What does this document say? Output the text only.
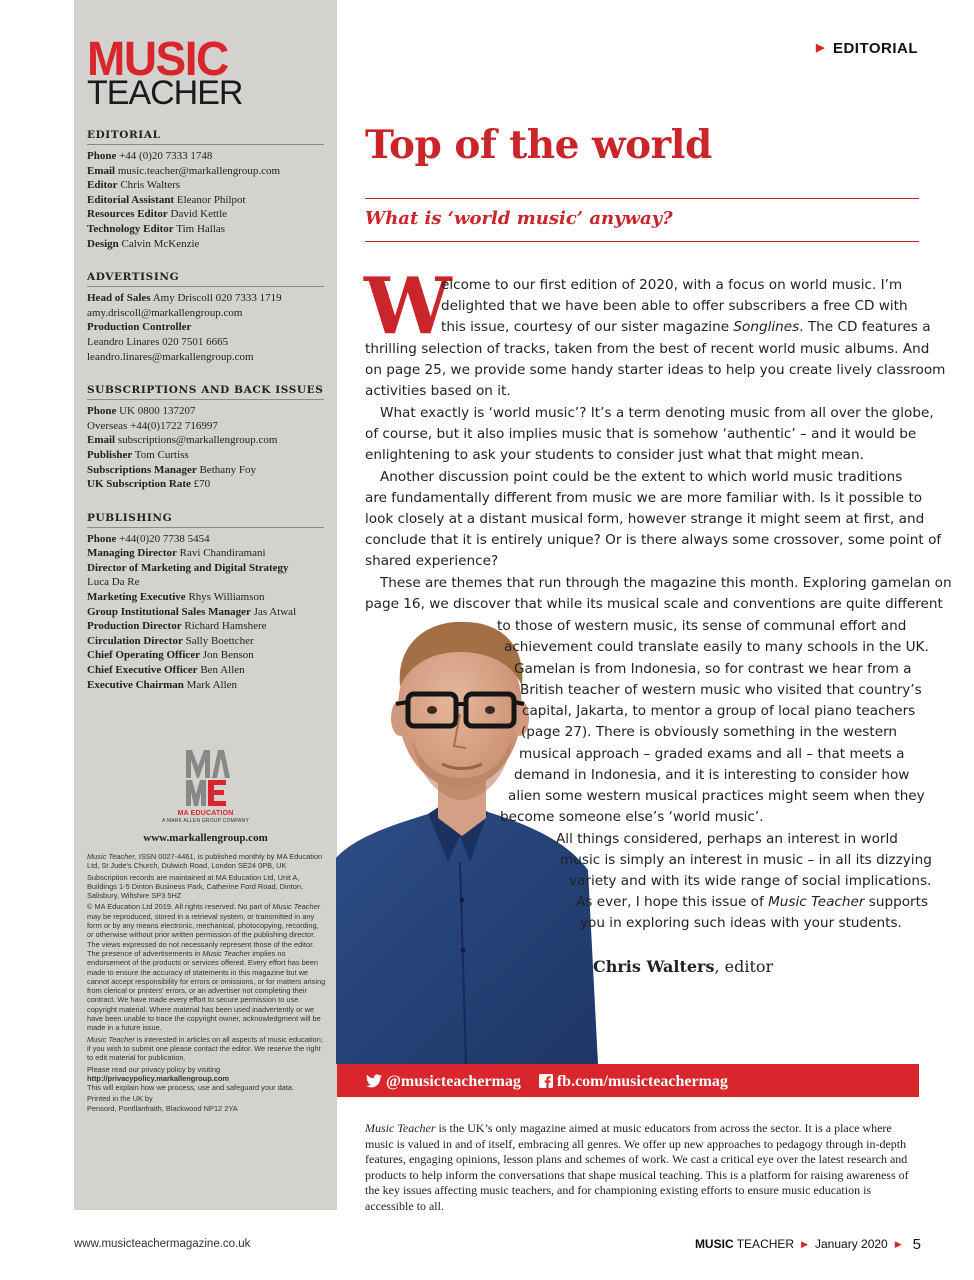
MUSIC
TEACHER
EDITORIAL
Phone +44 (0)20 7333 1748
Email music.teacher@markallengroup.com
Editor Chris Walters
Editorial Assistant Eleanor Philpot
Resources Editor David Kettle
Technology Editor Tim Hallas
Design Calvin McKenzie
ADVERTISING
Head of Sales Amy Driscoll 020 7333 1719
amy.driscoll@markallengroup.com
Production Controller
Leandro Linares 020 7501 6665
leandro.linares@markallengroup.com
SUBSCRIPTIONS AND BACK ISSUES
Phone UK 0800 137207
Overseas +44(0)1722 716997
Email subscriptions@markallengroup.com
Publisher Tom Curtiss
Subscriptions Manager Bethany Foy
UK Subscription Rate £70
PUBLISHING
Phone +44(0)20 7738 5454
Managing Director Ravi Chandiramani
Director of Marketing and Digital Strategy
Luca Da Re
Marketing Executive Rhys Williamson
Group Institutional Sales Manager Jas Atwal
Production Director Richard Hamshere
Circulation Director Sally Boettcher
Chief Operating Officer Jon Benson
Chief Executive Officer Ben Allen
Executive Chairman Mark Allen
MA EDUCATION
A MARK ALLEN GROUP COMPANY
www.markallengroup.com

Music Teacher, ISSN 0027-4461, is published monthly by MA Education Ltd, St Jude's Church, Dulwich Road, London SE24 0PB, UK

Subscription records are maintained at MA Education Ltd, Unit A, Buildings 1-5 Dinton Business Park, Catherine Ford Road, Dinton, Salisbury, Wiltshire SP3 5HZ

© MA Education Ltd 2019. All rights reserved. No part of Music Teacher may be reproduced, stored in a retrieval system, or transmitted in any form or by any means electronic, mechanical, photocopying, recording, or otherwise without prior written permission of the publishing director. The views expressed do not necessarily represent those of the editor. The presence of advertisements in Music Teacher implies no endorsement of the products or services offered. Every effort has been made to ensure the accuracy of statements in this magazine but we cannot accept responsibility for errors or omissions, or for matters arising from clerical or printers' errors, or an advertiser not completing their contract. We have made every effort to secure permission to use copyright material. Where material has been used inadvertently or we have been unable to trace the copyright owner, acknowledgment will be made in a future issue.

Music Teacher is interested in articles on all aspects of music education; if you wish to submit one please contact the editor. We reserve the right to edit material for publication.

Please read our privacy policy by visiting

http://privacypolicy.markallengroup.com

This will explain how we process, use and safeguard your data.

Printed in the UK by

Pensord, Pontllanfraith, Blackwood NP12 2YA

▶ EDITORIAL
Top of the world
What is ‘world music’ anyway?
W
elcome to our first edition of 2020, with a focus on world music. I’m
delighted that we have been able to offer subscribers a free CD with
this issue, courtesy of our sister magazine Songlines. The CD features a
thrilling selection of tracks, taken from the best of recent world music albums. And
on page 25, we provide some handy starter ideas to help you create lively classroom
activities based on it.
What exactly is ‘world music’? It’s a term denoting music from all over the globe,
of course, but it also implies music that is somehow ‘authentic’ – and it would be
enlightening to ask your students to consider just what that might mean.
Another discussion point could be the extent to which world music traditions
are fundamentally different from music we are more familiar with. Is it possible to
look closely at a distant musical form, however strange it might seem at first, and
conclude that it is entirely unique? Or is there always some crossover, some point of
shared experience?
These are themes that run through the magazine this month. Exploring gamelan on
page 16, we discover that while its musical scale and conventions are quite different
to those of western music, its sense of communal effort and
achievement could translate easily to many schools in the UK.
Gamelan is from Indonesia, so for contrast we hear from a
British teacher of western music who visited that country’s
capital, Jakarta, to mentor a group of local piano teachers
(page 27). There is obviously something in the western
musical approach – graded exams and all – that meets a
demand in Indonesia, and it is interesting to consider how
alien some western musical practices might seem when they
become someone else’s ‘world music’.
All things considered, perhaps an interest in world
music is simply an interest in music – in all its dizzying
variety and with its wide range of social implications.
As ever, I hope this issue of Music Teacher supports
you in exploring such ideas with your students.
Chris Walters, editor
@musicteachermag fb.com/musicteachermag
Music Teacher is the UK’s only magazine aimed at music educators from across the sector. It is a place where music is valued in and of itself, embracing all genres. We offer up new approaches to pedagogy through in-depth features, engaging opinions, lesson plans and schemes of work. We cast a critical eye over the latest research and products to help inform the conversations that shape musical teaching. This is a platform for raising awareness of the key issues affecting music teachers, and for championing existing efforts to ensure music education is accessible to all.
www.musicteachermagazine.co.uk	MUSIC TEACHER ▶ January 2020 ▶ 5
